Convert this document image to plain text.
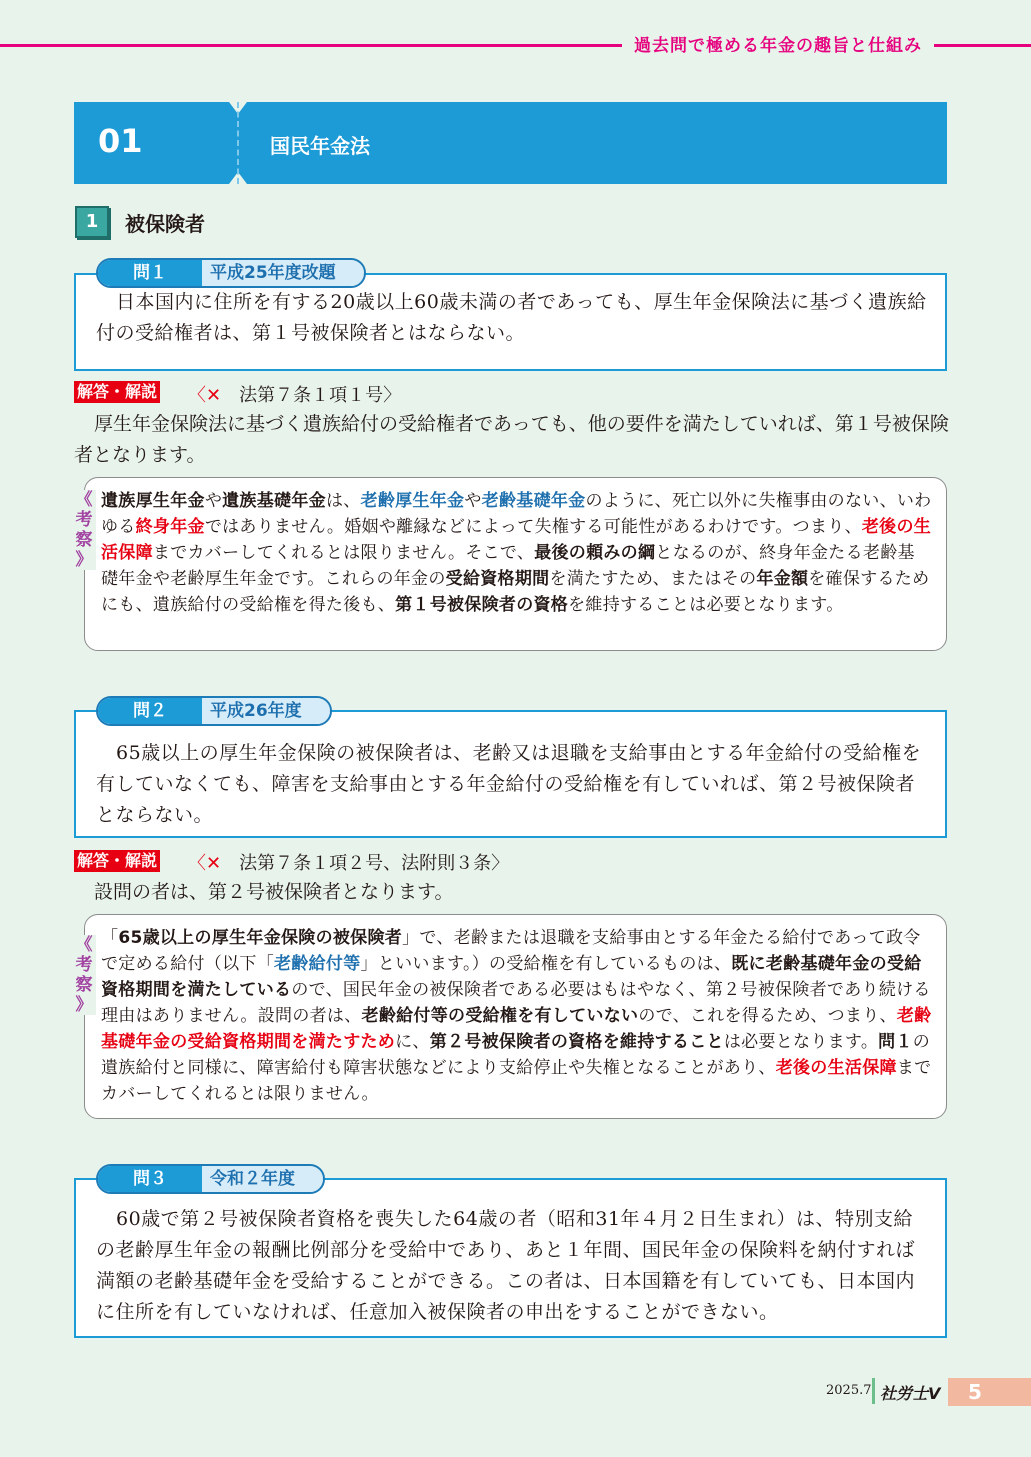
過去問で極める年金の趣旨と仕組み
01	国民年金法
1	被保険者
日本国内に住所を有する20歳以上60歳未満の者であっても、厚生年金保険法に基づく遺族給付の受給権者は、第１号被保険者とはならない。
問１	平成25年度改題
解答・解説 〈✕　 法第７条１項１号〉
厚生年金保険法に基づく遺族給付の受給権者であっても、他の要件を満たしていれば、第１号被保険者となります。
遺族厚生年金や遺族基礎年金は、老齢厚生年金や老齢基礎年金のように、死亡以外に失権事由のない、いわゆる終身年金ではありません。婚姻や離縁などによって失権する可能性があるわけです。つまり、老後の生活保障までカバーしてくれるとは限りません。そこで、最後の頼みの綱となるのが、終身年金たる老齢基礎年金や老齢厚生年金です。これらの年金の受給資格期間を満たすため、またはその年金額を確保するためにも、遺族給付の受給権を得た後も、第１号被保険者の資格を維持することは必要となります。
《
考
察
》
65歳以上の厚生年金保険の被保険者は、老齢又は退職を支給事由とする年金給付の受給権を有していなくても、障害を支給事由とする年金給付の受給権を有していれば、第２号被保険者とならない。
問２	平成26年度
解答・解説 〈✕　 法第７条１項２号、法附則３条〉
設問の者は、第２号被保険者となります。
「65歳以上の厚生年金保険の被保険者」で、老齢または退職を支給事由とする年金たる給付であって政令で定める給付（以下「老齢給付等」といいます。）の受給権を有しているものは、既に老齢基礎年金の受給資格期間を満たしているので、国民年金の被保険者である必要はもはやなく、第２号被保険者であり続ける理由はありません。設問の者は、老齢給付等の受給権を有していないので、これを得るため、つまり、老齢基礎年金の受給資格期間を満たすために、第２号被保険者の資格を維持することは必要となります。問１の遺族給付と同様に、障害給付も障害状態などにより支給停止や失権となることがあり、老後の生活保障までカバーしてくれるとは限りません。
《
考
察
》
60歳で第２号被保険者資格を喪失した64歳の者（昭和31年４月２日生まれ）は、特別支給の老齢厚生年金の報酬比例部分を受給中であり、あと１年間、国民年金の保険料を納付すれば満額の老齢基礎年金を受給することができる。この者は、日本国籍を有していても、日本国内に住所を有していなければ、任意加入被保険者の申出をすることができない。
問３	令和２年度
2025.7 社労士V	5
